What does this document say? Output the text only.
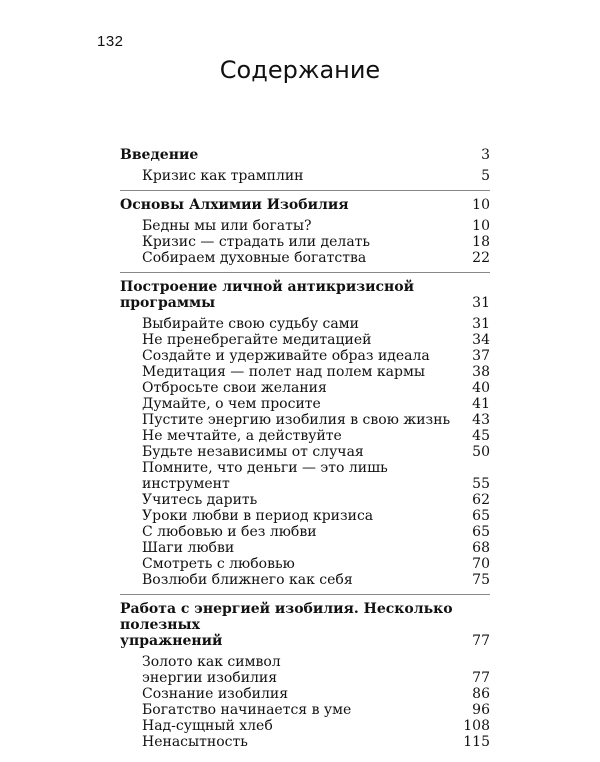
132
Содержание
Введение	3
Кризис как трамплин	5
Основы Алхимии Изобилия	10
Бедны мы или богаты?	10
Кризис — страдать или делать	18
Собираем духовные богатства	22
Построение личной антикризисной программы	31
Выбирайте свою судьбу сами	31
Не пренебрегайте медитацией	34
Создайте и удерживайте образ идеала	37
Медитация — полет над полем кармы	38
Отбросьте свои желания	40
Думайте, о чем просите	41
Пустите энергию изобилия в свою жизнь	43
Не мечтайте, а действуйте	45
Будьте независимы от случая	50
Помните, что деньги — это лишь инструмент	55
Учитесь дарить	62
Уроки любви в период кризиса	65
С любовью и без любви	65
Шаги любви	68
Смотреть с любовью	70
Возлюби ближнего как себя	75
Работа с энергией изобилия. Несколько полезных
упражнений	77
Золото как символ
энергии изобилия	77
Сознание изобилия	86
Богатство начинается в уме	96
Над-сущный хлеб	108
Ненасытность	115
